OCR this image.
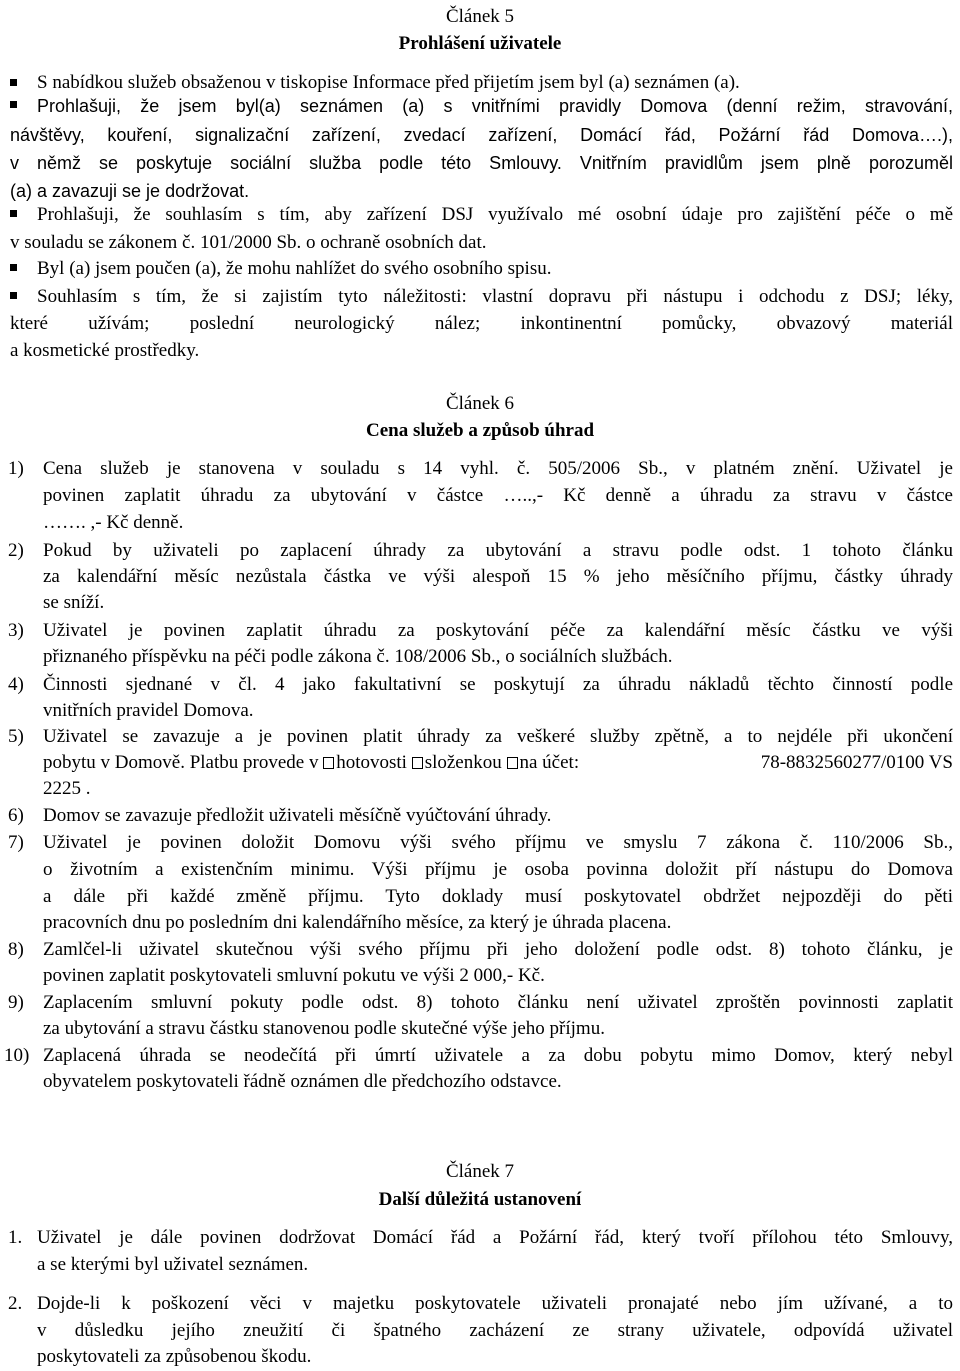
Článek 5
Prohlášení uživatele
S nabídkou služeb obsaženou v tiskopise Informace před přijetím jsem byl (a) seznámen (a).
Prohlašuji, že jsem byl(a) seznámen (a) s vnitřními pravidly Domova (denní režim, stravování,
návštěvy, kouření, signalizační zařízení, zvedací zařízení, Domácí řád, Požární řád Domova….),
v němž se poskytuje sociální služba podle této Smlouvy. Vnitřním pravidlům jsem plně porozuměl
(a) a zavazuji se je dodržovat.
Prohlašuji, že souhlasím s tím, aby zařízení DSJ využívalo mé osobní údaje pro zajištění péče o mě
v souladu se zákonem č. 101/2000 Sb. o ochraně osobních dat.
Byl (a) jsem poučen (a), že mohu nahlížet do svého osobního spisu.
Souhlasím s tím, že si zajistím tyto náležitosti: vlastní dopravu při nástupu i odchodu z DSJ; léky,
které užívám; poslední neurologický nález; inkontinentní pomůcky, obvazový materiál
a kosmetické prostředky.
Článek 6
Cena služeb a způsob úhrad
1) Cena služeb je stanovena v souladu s 14 vyhl. č. 505/2006 Sb., v platném znění. Uživatel je
povinen zaplatit úhradu za ubytování v částce …..,- Kč denně a úhradu za stravu v částce
……. ,- Kč denně.
2) Pokud by uživateli po zaplacení úhrady za ubytování a stravu podle odst. 1 tohoto článku
za kalendářní měsíc nezůstala částka ve výši alespoň 15 % jeho měsíčního příjmu, částky úhrady
se sníží.
3) Uživatel je povinen zaplatit úhradu za poskytování péče za kalendářní měsíc částku ve výši
přiznaného příspěvku na péči podle zákona č. 108/2006 Sb., o sociálních službách.
4) Činnosti sjednané v čl. 4 jako fakultativní se poskytují za úhradu nákladů těchto činností podle
vnitřních pravidel Domova.
5) Uživatel se zavazuje a je povinen platit úhrady za veškeré služby zpětně, a to nejdéle při ukončení
pobytu v Domově. Platbu provede v hotovosti složenkou na účet:	78-8832560277/0100 VS
2225 .
6) Domov se zavazuje předložit uživateli měsíčně vyúčtování úhrady.
7) Uživatel je povinen doložit Domovu výši svého příjmu ve smyslu 7 zákona č. 110/2006 Sb.,
o životním a existenčním minimu. Výši příjmu je osoba povinna doložit pří nástupu do Domova
a dále při každé změně příjmu. Tyto doklady musí poskytovatel obdržet nejpozději do pěti
pracovních dnu po posledním dni kalendářního měsíce, za který je úhrada placena.
8) Zamlčel-li uživatel skutečnou výši svého příjmu při jeho doložení podle odst. 8) tohoto článku, je
povinen zaplatit poskytovateli smluvní pokutu ve výši 2 000,- Kč.
9) Zaplacením smluvní pokuty podle odst. 8) tohoto článku není uživatel zproštěn povinnosti zaplatit
za ubytování a stravu částku stanovenou podle skutečné výše jeho příjmu.
10) Zaplacená úhrada se neodečítá při úmrtí uživatele a za dobu pobytu mimo Domov, který nebyl
obyvatelem poskytovateli řádně oznámen dle předchozího odstavce.
Článek 7
Další důležitá ustanovení
1. Uživatel je dále povinen dodržovat Domácí řád a Požární řád, který tvoří přílohou této Smlouvy,
a se kterými byl uživatel seznámen.
2. Dojde-li k poškození věci v majetku poskytovatele uživateli pronajaté nebo jím užívané, a to
v důsledku jejího zneužití či špatného zacházení ze strany uživatele, odpovídá uživatel
poskytovateli za způsobenou škodu.
